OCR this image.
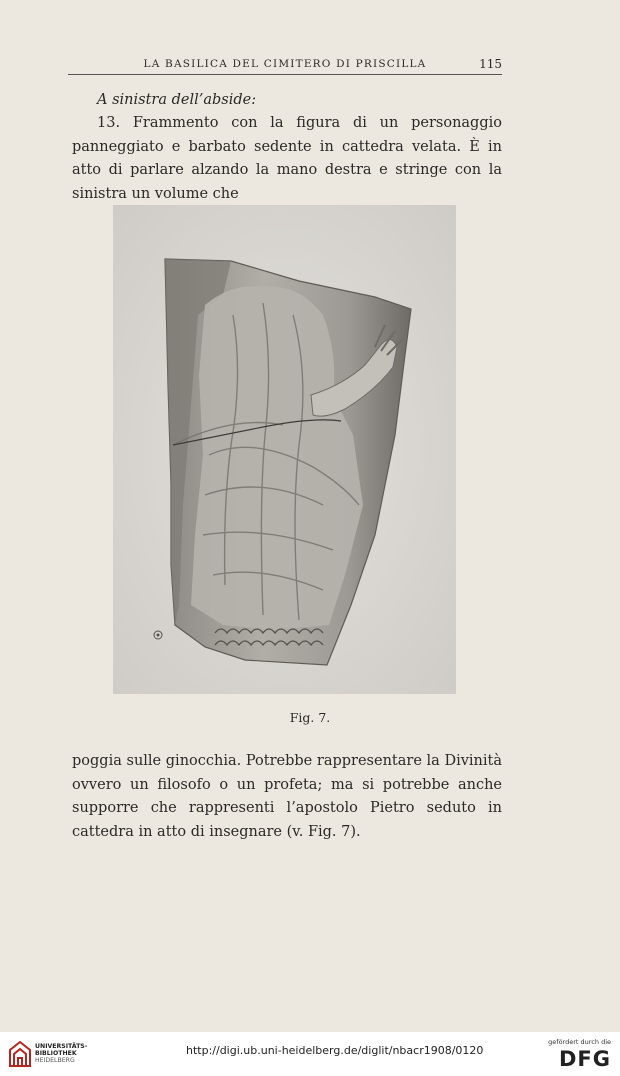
LA BASILICA DEL CIMITERO DI PRISCILLA	115
A sinistra dell’abside:

13. Frammento con la figura di un personaggio panneggiato e barbato sedente in cattedra velata. È in atto di parlare alzando la mano destra e stringe con la sinistra un volume che

Fig. 7.

poggia sulle ginocchia. Potrebbe rappresentare la Divinità ovvero un filosofo o un profeta; ma si potrebbe anche supporre che rappresenti l’apostolo Pietro seduto in cattedra in atto di insegnare (v. Fig. 7).

UNIVERSITÄTS-
BIBLIOTHEK
HEIDELBERG
http://digi.ub.uni-heidelberg.de/diglit/nbacr1908/0120
gefördert durch die
DFG
